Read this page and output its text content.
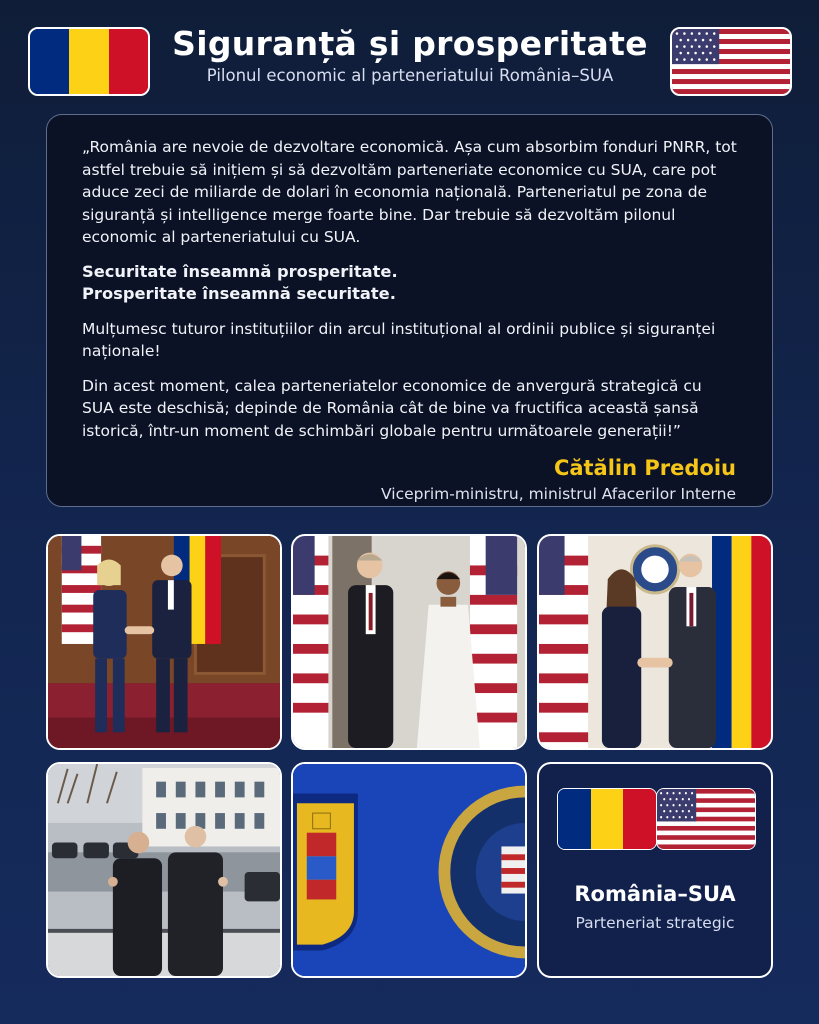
Siguranță și prosperitate
Pilonul economic al parteneriatului România–SUA

„România are nevoie de dezvoltare economică. Așa cum absorbim fonduri PNRR, tot astfel trebuie să inițiem și să dezvoltăm parteneriate economice cu SUA, care pot aduce zeci de miliarde de dolari în economia națională. Parteneriatul pe zona de siguranță și intelligence merge foarte bine. Dar trebuie să dezvoltăm pilonul economic al parteneriatului cu SUA.

Securitate înseamnă prosperitate.
Prosperitate înseamnă securitate.

Mulțumesc tuturor instituțiilor din arcul instituțional al ordinii publice și siguranței naționale!

Din acest moment, calea parteneriatelor economice de anvergură strategică cu SUA este deschisă; depinde de România cât de bine va fructifica această șansă istorică, într-un moment de schimbări globale pentru următoarele generații!”

Cătălin Predoiu
Viceprim-ministru, ministrul Afacerilor Interne
România–SUA
Parteneriat strategic
